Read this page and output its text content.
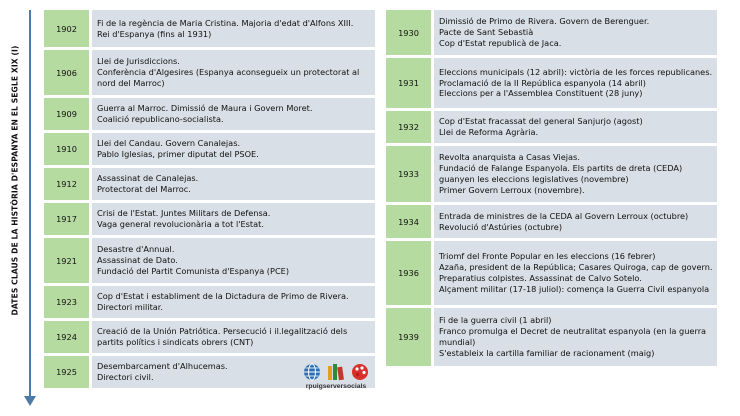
DATES CLAUS DE LA HISTÒRIA D'ESPANYA EN EL SEGLE XIX (I)
1902
Fi de la regència de Maria Cristina. Majoria d'edat d'Alfons XIII.
Rei d'Espanya (fins al 1931)
1906
Llei de Jurisdiccions.
Conferència d'Algesires (Espanya aconsegueix un protectorat al nord del Marroc)
1909
Guerra al Marroc. Dimissió de Maura i Govern Moret.
Coalició republicano-socialista.
1910
Llei del Candau. Govern Canalejas.
Pablo Iglesias, primer diputat del PSOE.
1912
Assassinat de Canalejas.
Protectorat del Marroc.
1917
Crisi de l'Estat. Juntes Militars de Defensa.
Vaga general revolucionària a tot l'Estat.
1921
Desastre d'Annual.
Assassinat de Dato.
Fundació del Partit Comunista d'Espanya (PCE)
1923
Cop d'Estat i establiment de la Dictadura de Primo de Rivera.
Directori militar.
1924
Creació de la Unión Patriótica. Persecució i il.legalització dels partits polítics i sindicats obrers (CNT)
1925
Desembarcament d'Alhucemas.
Directori civil.
1930
Dimissió de Primo de Rivera. Govern de Berenguer.
Pacte de Sant Sebastià
Cop d'Estat republicà de Jaca.
1931
Eleccions municipals (12 abril): victòria de les forces republicanes. Proclamació de la II República espanyola (14 abril)
Eleccions per a l'Assemblea Constituent (28 juny)
1932
Cop d'Estat fracassat del general Sanjurjo (agost)
Llei de Reforma Agrària.
1933
Revolta anarquista a Casas Viejas.
Fundació de Falange Espanyola. Els partits de dreta (CEDA) guanyen les eleccions legislatives (novembre)
Primer Govern Lerroux (novembre).
1934
Entrada de ministres de la CEDA al Govern Lerroux (octubre)
Revolució d'Astúries (octubre)
1936
Triomf del Fronte Popular en les eleccions (16 febrer)
Azaña, president de la República; Casares Quiroga, cap de govern.
Preparatius colpistes. Assassinat de Calvo Sotelo.
Alçament militar (17-18 juliol): comença la Guerra Civil espanyola
1939
Fi de la guerra civil (1 abril)
Franco promulga el Decret de neutralitat espanyola (en la guerra mundial)
S'estableix la cartilla familiar de racionament (maig)
rpuigserversocials
